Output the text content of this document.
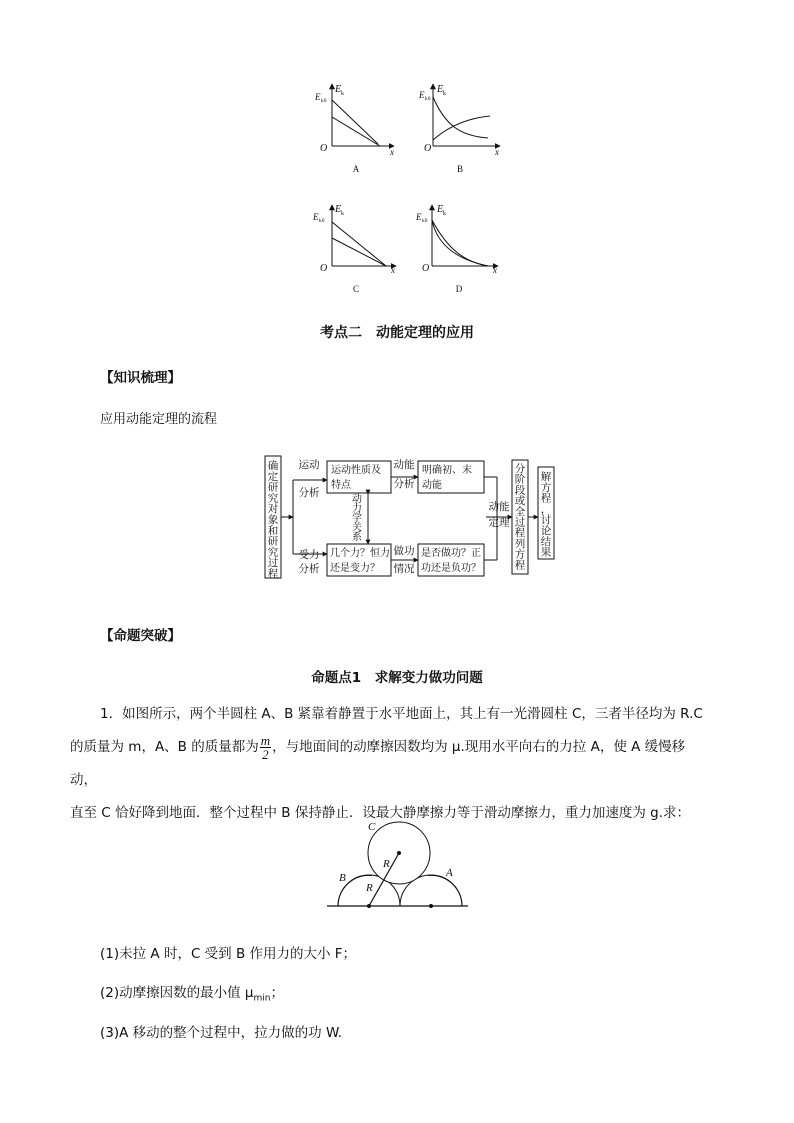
E k
E k0
O	x
A
E k
E k0
O	x
B
E k
E k0
O	x
C
E k
E k0
O	x
D
考点二　动能定理的应用
【知识梳理】
应用动能定理的流程
确定研究对象和研究过程
运动
分析
运动性质及
特点
动能
分析
明确初、末
动能
动力学关系
受力
分析
几个力？恒力
还是变力？
做功
情况
是否做功？正
功还是负功？
动能
定理
分阶段或全过程列方程
解方程，讨论结果
【命题突破】
命题点1　求解变力做功问题
1．如图所示，两个半圆柱 A、B 紧靠着静置于水平地面上，其上有一光滑圆柱 C，三者半径均为 R.C
的质量为 m，A、B 的质量都为 $\frac{m}{2}$ ，与地面间的动摩擦因数均为 μ.现用水平向右的力拉 A，使 A 缓慢移动，
直至 C 恰好降到地面．整个过程中 B 保持静止．设最大静摩擦力等于滑动摩擦力，重力加速度为 g.求：
C
B	A
R
R
(1)未拉 A 时，C 受到 B 作用力的大小 F；
(2)动摩擦因数的最小值 $\mu_{min}$；
(3)A 移动的整个过程中，拉力做的功 W.
